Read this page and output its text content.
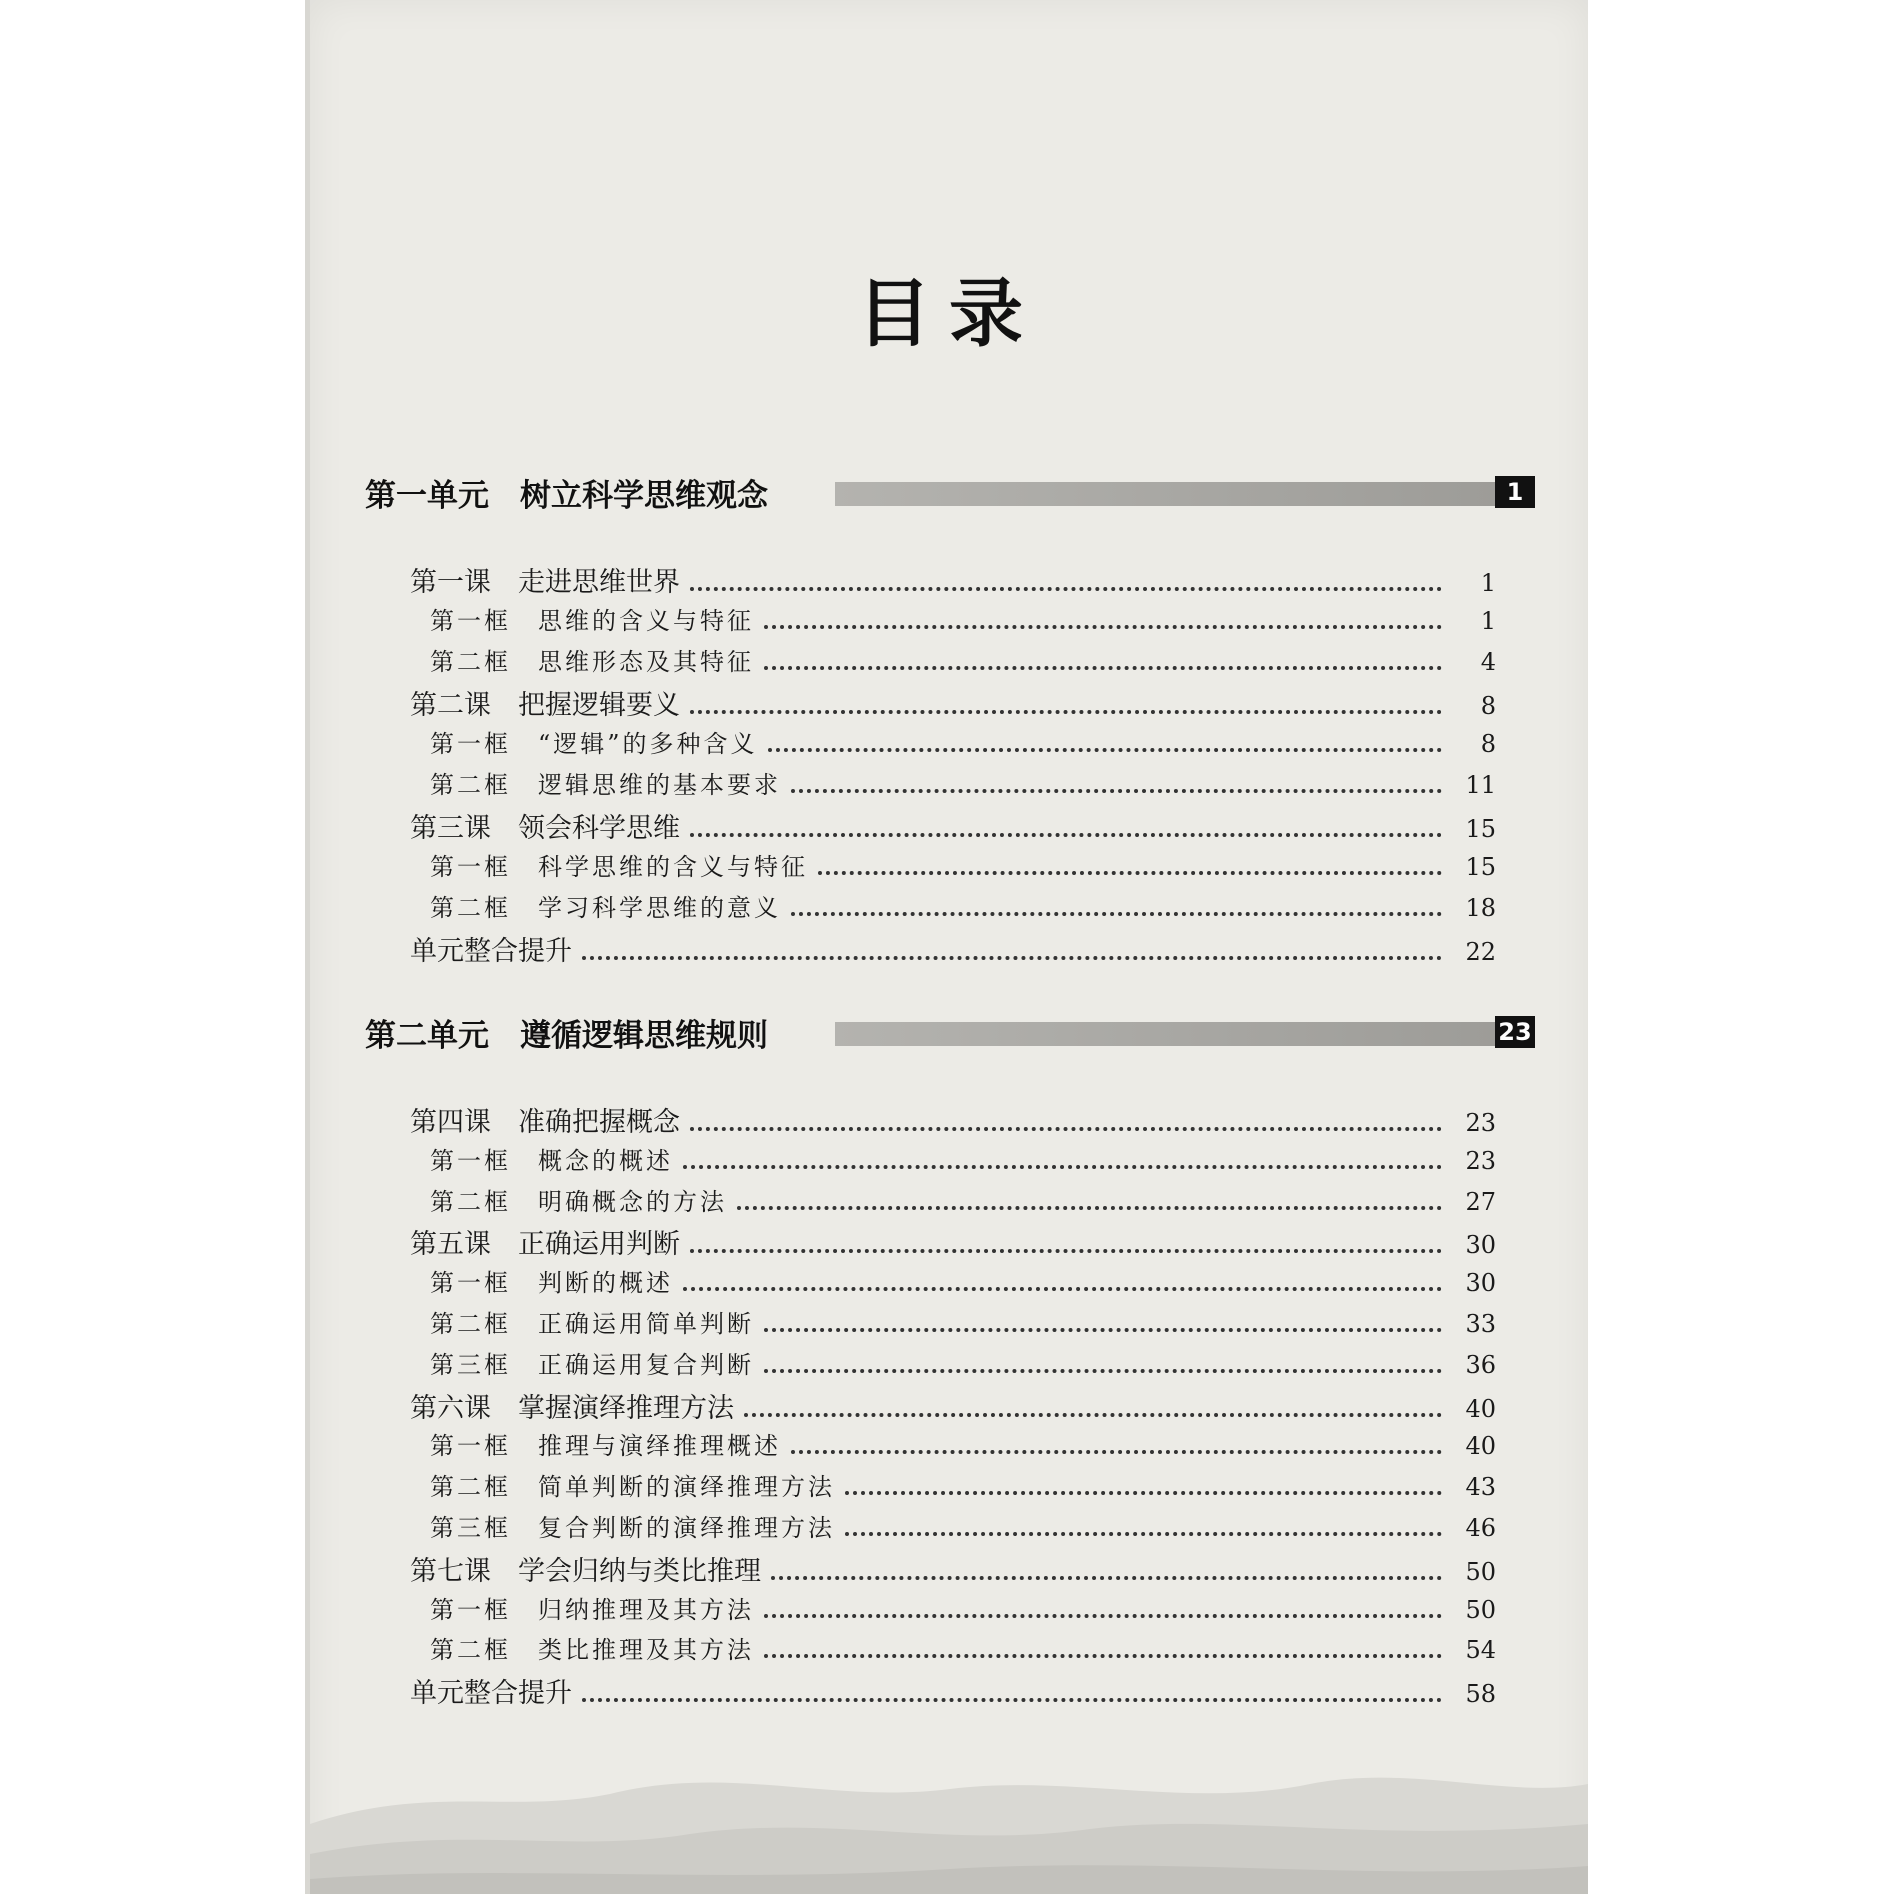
目录
第一单元　树立科学思维观念	1
第一课　走进思维世界	1
第一框　思维的含义与特征	1
第二框　思维形态及其特征	4
第二课　把握逻辑要义	8
第一框　“逻辑”的多种含义	8
第二框　逻辑思维的基本要求	11
第三课　领会科学思维	15
第一框　科学思维的含义与特征	15
第二框　学习科学思维的意义	18
单元整合提升	22
第二单元　遵循逻辑思维规则	23
第四课　准确把握概念	23
第一框　概念的概述	23
第二框　明确概念的方法	27
第五课　正确运用判断	30
第一框　判断的概述	30
第二框　正确运用简单判断	33
第三框　正确运用复合判断	36
第六课　掌握演绎推理方法	40
第一框　推理与演绎推理概述	40
第二框　简单判断的演绎推理方法	43
第三框　复合判断的演绎推理方法	46
第七课　学会归纳与类比推理	50
第一框　归纳推理及其方法	50
第二框　类比推理及其方法	54
单元整合提升	58
